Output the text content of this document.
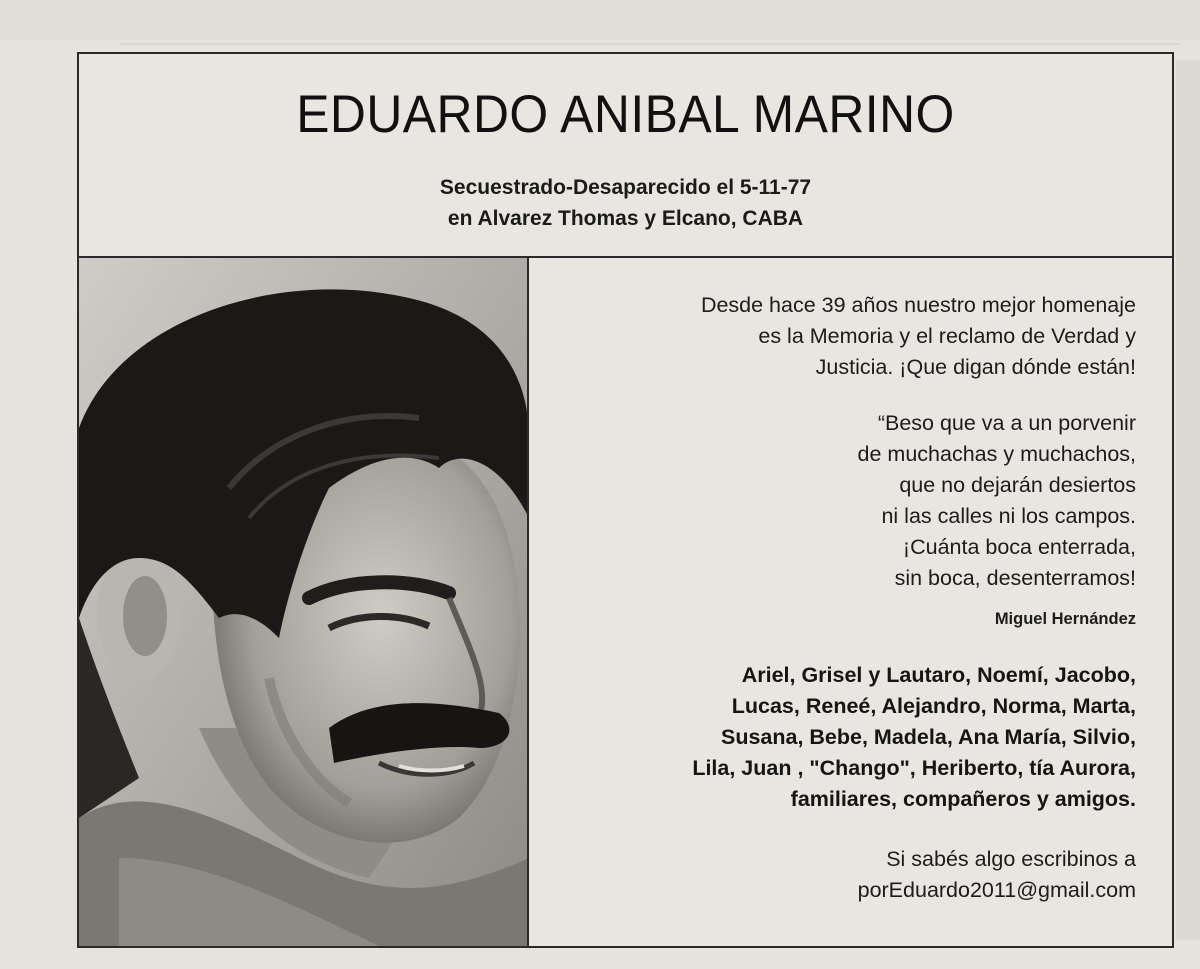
EDUARDO ANIBAL MARINO
Secuestrado-Desaparecido el 5-11-77
en Alvarez Thomas y Elcano, CABA
Desde hace 39 años nuestro mejor homenaje
es la Memoria y el reclamo de Verdad y
Justicia. ¡Que digan dónde están!
“Beso que va a un porvenir
de muchachas y muchachos,
que no dejarán desiertos
ni las calles ni los campos.
¡Cuánta boca enterrada,
sin boca, desenterramos!
Miguel Hernández
Ariel, Grisel y Lautaro, Noemí, Jacobo,
Lucas, Reneé, Alejandro, Norma, Marta,
Susana, Bebe, Madela, Ana María, Silvio,
Lila, Juan , "Chango", Heriberto, tía Aurora,
familiares, compañeros y amigos.
Si sabés algo escribinos a
porEduardo2011@gmail.com
